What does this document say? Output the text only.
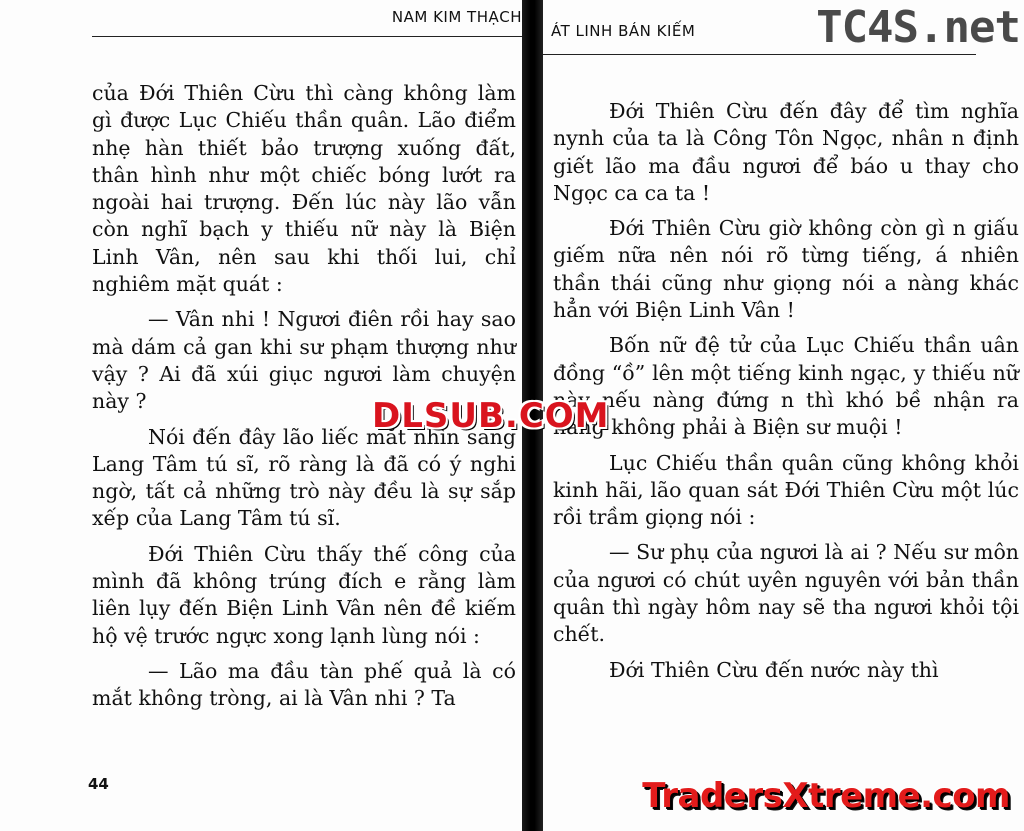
NAM KIM THẠCH

của Đới Thiên Cừu thì càng không làm gì được Lục Chiếu thần quân. Lão điểm nhẹ hàn thiết bảo trượng xuống đất, thân hình như một chiếc bóng lướt ra ngoài hai trượng. Đến lúc này lão vẫn còn nghĩ bạch y thiếu nữ này là Biện Linh Vân, nên sau khi thối lui, chỉ nghiêm mặt quát :

— Vân nhi ! Ngươi điên rồi hay sao mà dám cả gan khi sư phạm thượng như vậy ? Ai đã xúi giục ngươi làm chuyện này ?

Nói đến đây lão liếc mắt nhìn sang Lang Tâm tú sĩ, rõ ràng là đã có ý nghi ngờ, tất cả những trò này đều là sự sắp xếp của Lang Tâm tú sĩ.

Đới Thiên Cừu thấy thế công của mình đã không trúng đích e rằng làm liên lụy đến Biện Linh Vân nên đề kiếm hộ vệ trước ngực xong lạnh lùng nói :

— Lão ma đầu tàn phế quả là có mắt không tròng, ai là Vân nhi ? Ta

44
ÁT LINH BÁN KIẾM

Đới Thiên Cừu đến đây để tìm nghĩa nynh của ta là Công Tôn Ngọc, nhân n định giết lão ma đầu ngươi để báo u thay cho Ngọc ca ca ta !

Đới Thiên Cừu giờ không còn gì n giấu giếm nữa nên nói rõ từng tiếng, á nhiên thần thái cũng như giọng nói a nàng khác hẳn với Biện Linh Vân !

Bốn nữ đệ tử của Lục Chiếu thần uân đồng “ồ” lên một tiếng kinh ngạc, y thiếu nữ này nếu nàng đứng n thì khó bề nhận ra nàng không phải à Biện sư muội !

Lục Chiếu thần quân cũng không khỏi kinh hãi, lão quan sát Đới Thiên Cừu một lúc rồi trầm giọng nói :

— Sư phụ của ngươi là ai ? Nếu sư môn của ngươi có chút uyên nguyên với bản thần quân thì ngày hôm nay sẽ tha ngươi khỏi tội chết.

Đới Thiên Cừu đến nước này thì

TC4S.net
DLSUB.COM
TradersXtreme.com
